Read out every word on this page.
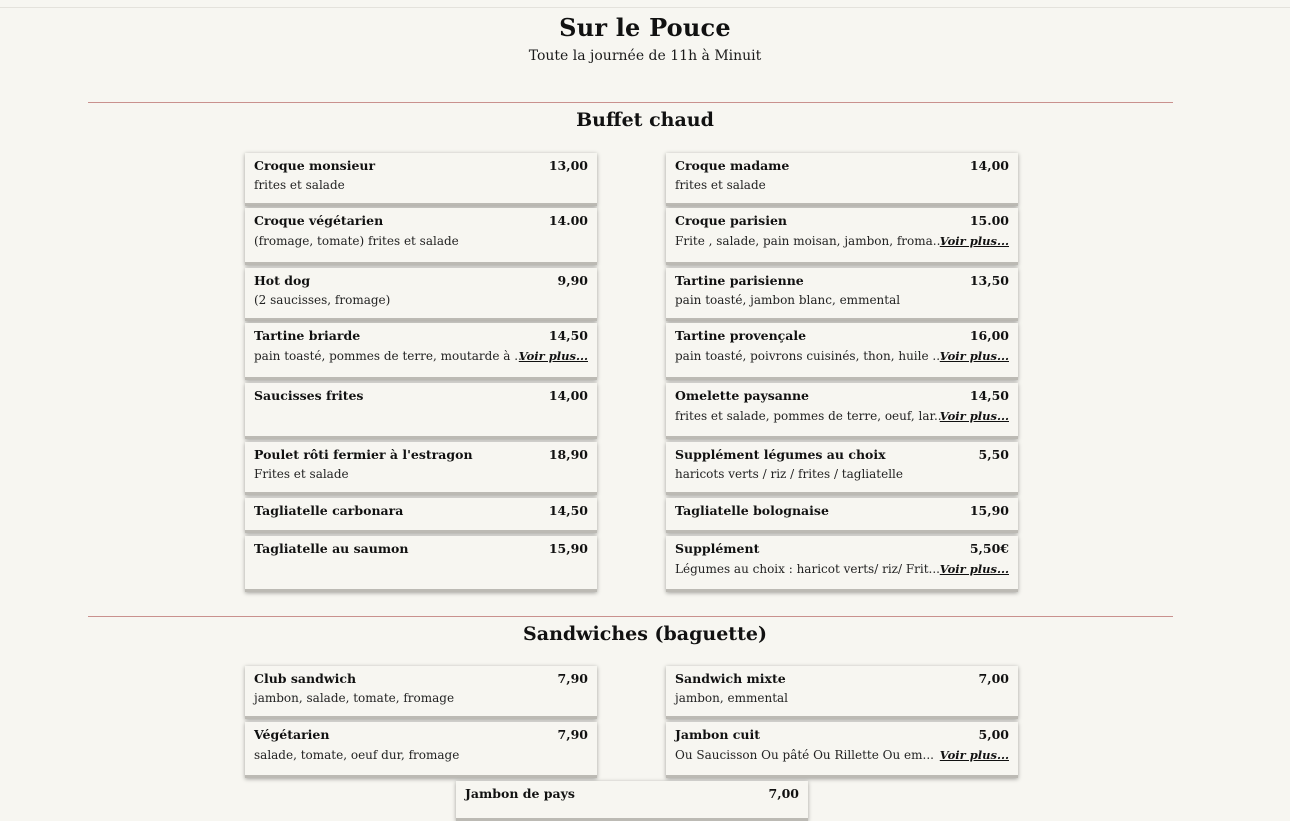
Sur le Pouce
Toute la journée de 11h à Minuit
Buffet chaud
Croque monsieur	13,00
frites et salade
Croque madame	14,00
frites et salade
Croque végétarien	14.00
(fromage, tomate) frites et salade
Croque parisien	15.00
Frite , salade, pain moisan, jambon, froma...
Voir plus...
Hot dog	9,90
(2 saucisses, fromage)
Tartine parisienne	13,50
pain toasté, jambon blanc, emmental
Tartine briarde	14,50
pain toasté, pommes de terre, moutarde à ...
Voir plus...
Tartine provençale	16,00
pain toasté, poivrons cuisinés, thon, huile ...
Voir plus...
Saucisses frites	14,00	Omelette paysanne	14,50
frites et salade, pommes de terre, oeuf, lar...
Voir plus...
Poulet rôti fermier à l'estragon	18,90
Frites et salade
Supplément légumes au choix	5,50
haricots verts / riz / frites / tagliatelle
Tagliatelle carbonara	14,50	Tagliatelle bolognaise	15,90
Tagliatelle au saumon	15,90	Supplément	5,50€
Légumes au choix : haricot verts/ riz/ Frit... Voir plus...
Sandwiches (baguette)
Club sandwich	7,90
jambon, salade, tomate, fromage
Sandwich mixte	7,00
jambon, emmental
Végétarien	7,90
salade, tomate, oeuf dur, fromage
Jambon cuit	5,00
Ou Saucisson Ou pâté Ou Rillette Ou em... Voir plus...
Jambon de pays	7,00
